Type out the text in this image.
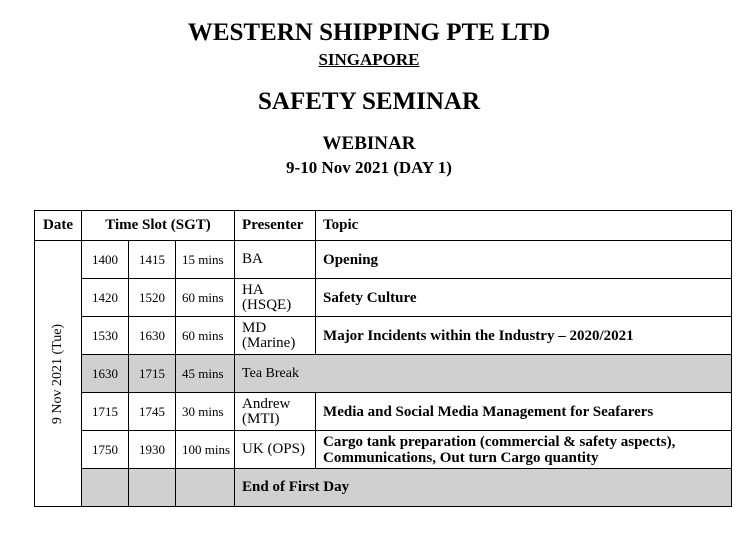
WESTERN SHIPPING PTE LTD
SINGAPORE
SAFETY SEMINAR
WEBINAR
9-10 Nov 2021 (DAY 1)
Date	Time Slot (SGT)			Presenter	Topic

9 Nov 2021 (Tue)	1400	1415	15 mins	BA	Opening
	1420	1520	60 mins	HA (HSQE)	Safety Culture
	1530	1630	60 mins	MD (Marine)	Major Incidents within the Industry – 2020/2021
	1630	1715	45 mins	Tea Break	
	1715	1745	30 mins	Andrew (MTI)	Media and Social Media Management for Seafarers
	1750	1930	100 mins	UK (OPS)	Cargo tank preparation (commercial & safety aspects), Communications, Out turn Cargo quantity
				End of First Day	
